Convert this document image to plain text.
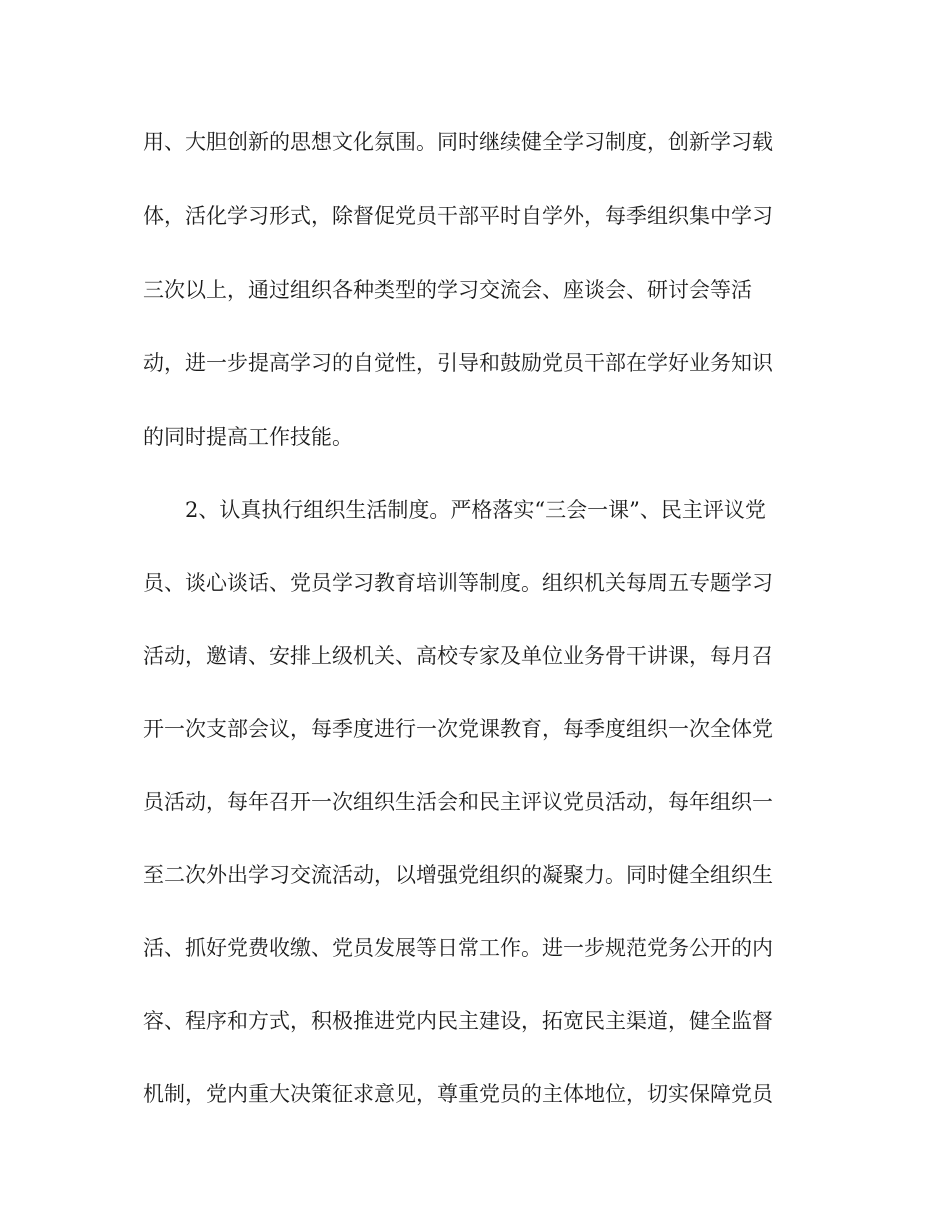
用、大胆创新的思想文化氛围。同时继续健全学习制度，创新学习载
体，活化学习形式，除督促党员干部平时自学外，每季组织集中学习
三次以上，通过组织各种类型的学习交流会、座谈会、研讨会等活
动，进一步提高学习的自觉性，引导和鼓励党员干部在学好业务知识
的同时提高工作技能。
2、认真执行组织生活制度。严格落实“三会一课”、民主评议党
员、谈心谈话、党员学习教育培训等制度。组织机关每周五专题学习
活动，邀请、安排上级机关、高校专家及单位业务骨干讲课，每月召
开一次支部会议，每季度进行一次党课教育，每季度组织一次全体党
员活动，每年召开一次组织生活会和民主评议党员活动，每年组织一
至二次外出学习交流活动，以增强党组织的凝聚力。同时健全组织生
活、抓好党费收缴、党员发展等日常工作。进一步规范党务公开的内
容、程序和方式，积极推进党内民主建设，拓宽民主渠道，健全监督
机制，党内重大决策征求意见，尊重党员的主体地位，切实保障党员
